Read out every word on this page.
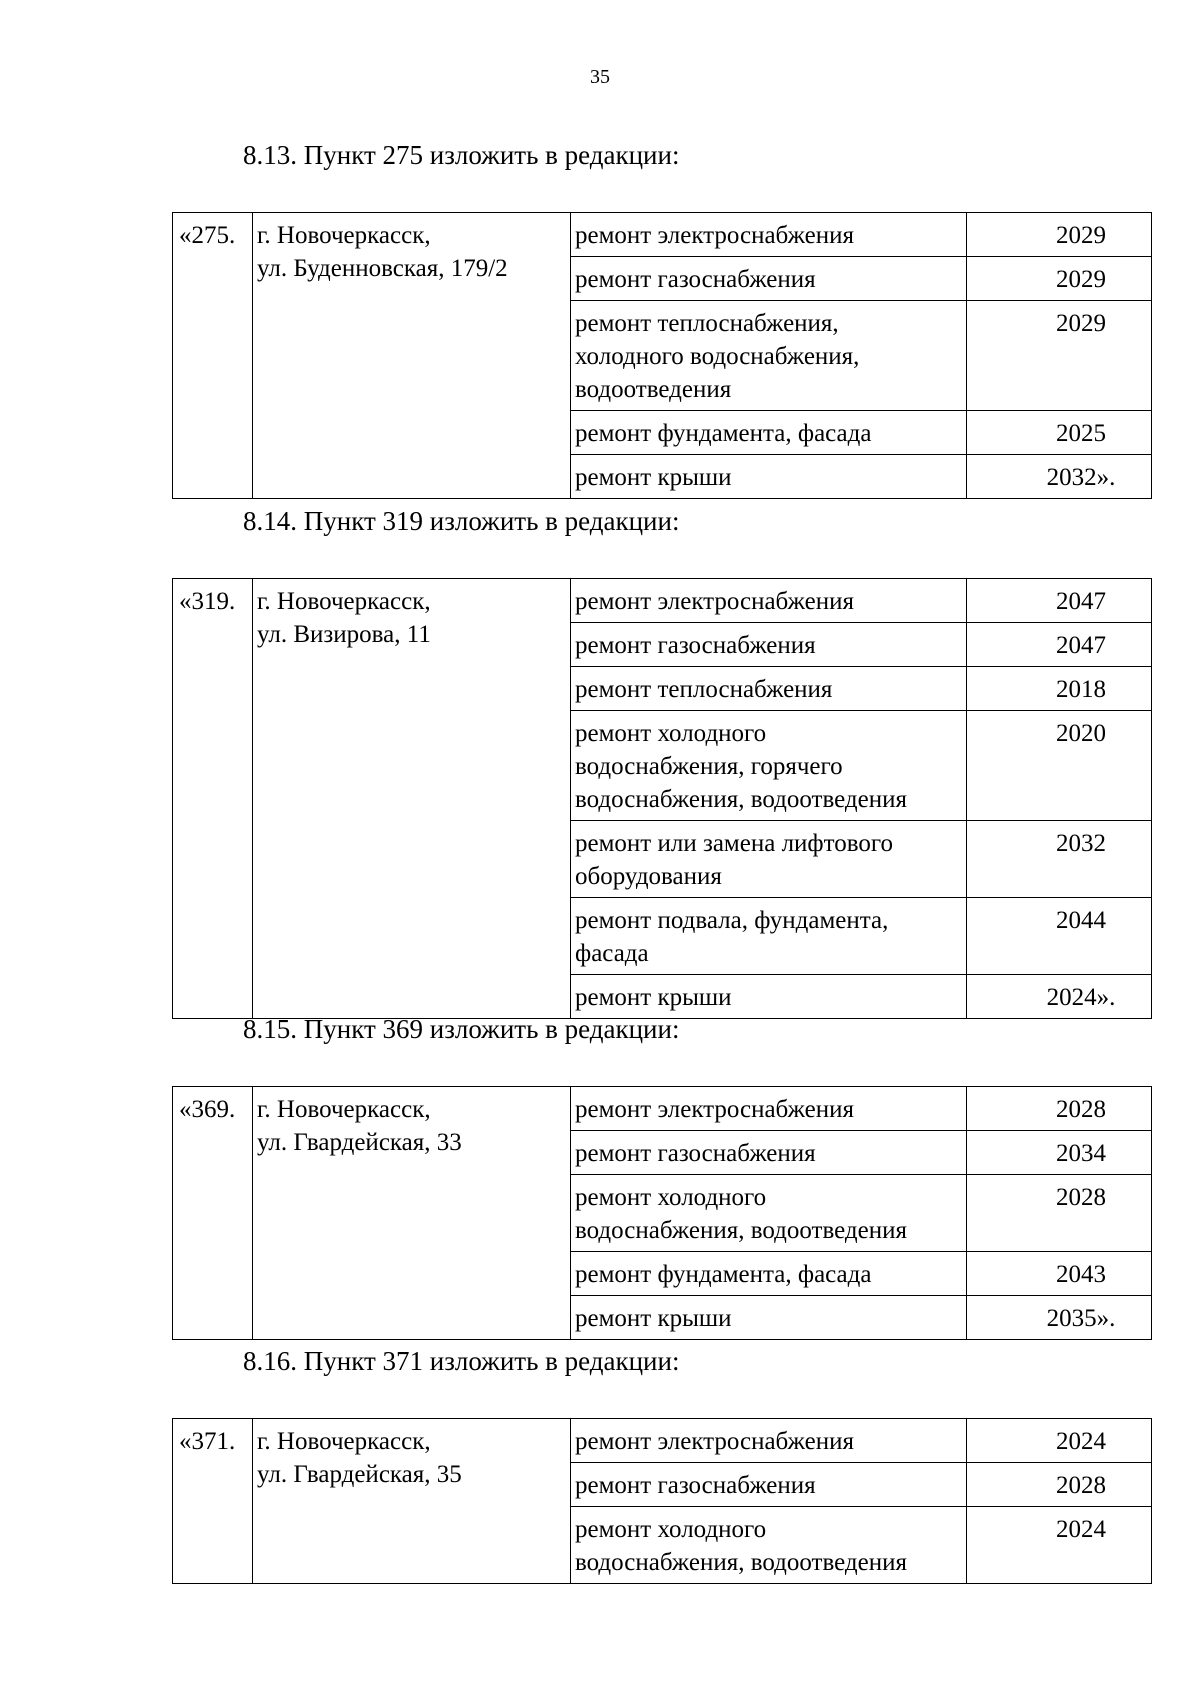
35
8.13. Пункт 275 изложить в редакции:
«275.	г. Новочеркасск,
ул. Буденновская, 179/2	ремонт электроснабжения	2029
		ремонт газоснабжения	2029
		ремонт теплоснабжения,
холодного водоснабжения,
водоотведения	2029
		ремонт фундамента, фасада	2025
		ремонт крыши	2032».
8.14. Пункт 319 изложить в редакции:
«319.	г. Новочеркасск,
ул. Визирова, 11	ремонт электроснабжения	2047
		ремонт газоснабжения	2047
		ремонт теплоснабжения	2018
		ремонт холодного
водоснабжения, горячего
водоснабжения, водоотведения	2020
		ремонт или замена лифтового
оборудования	2032
		ремонт подвала, фундамента,
фасада	2044
		ремонт крыши	2024».
8.15. Пункт 369 изложить в редакции:
«369.	г. Новочеркасск,
ул. Гвардейская, 33	ремонт электроснабжения	2028
		ремонт газоснабжения	2034
		ремонт холодного
водоснабжения, водоотведения	2028
		ремонт фундамента, фасада	2043
		ремонт крыши	2035».
8.16. Пункт 371 изложить в редакции:
«371.	г. Новочеркасск,
ул. Гвардейская, 35	ремонт электроснабжения	2024
		ремонт газоснабжения	2028
		ремонт холодного
водоснабжения, водоотведения	2024
